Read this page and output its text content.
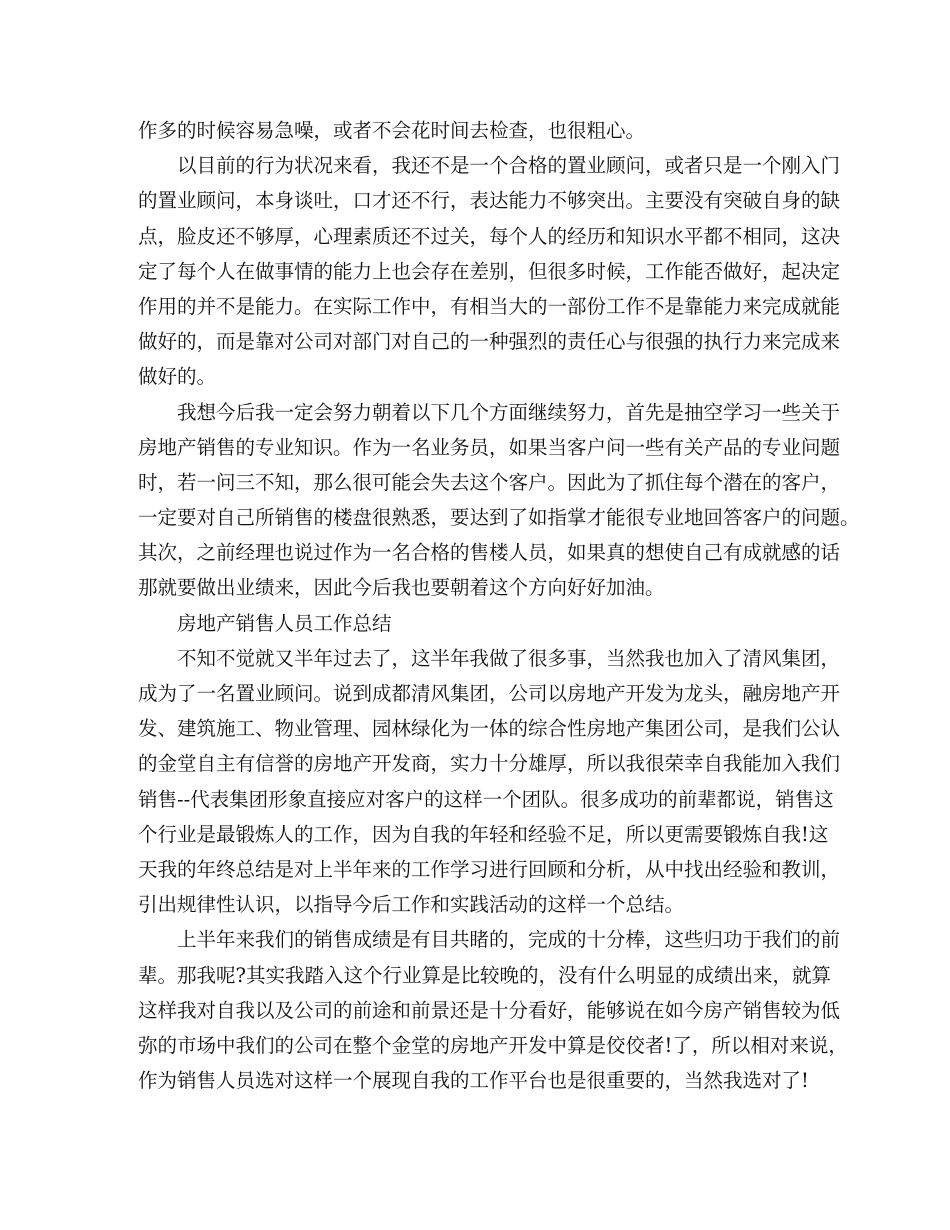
作多的时候容易急噪，或者不会花时间去检查，也很粗心。
以目前的行为状况来看，我还不是一个合格的置业顾问，或者只是一个刚入门
的置业顾问，本身谈吐，口才还不行，表达能力不够突出。主要没有突破自身的缺
点，脸皮还不够厚，心理素质还不过关，每个人的经历和知识水平都不相同，这决
定了每个人在做事情的能力上也会存在差别，但很多时候，工作能否做好，起决定
作用的并不是能力。在实际工作中，有相当大的一部份工作不是靠能力来完成就能
做好的，而是靠对公司对部门对自己的一种强烈的责任心与很强的执行力来完成来
做好的。
我想今后我一定会努力朝着以下几个方面继续努力，首先是抽空学习一些关于
房地产销售的专业知识。作为一名业务员，如果当客户问一些有关产品的专业问题
时，若一问三不知，那么很可能会失去这个客户。因此为了抓住每个潜在的客户，
一定要对自己所销售的楼盘很熟悉，要达到了如指掌才能很专业地回答客户的问题。
其次，之前经理也说过作为一名合格的售楼人员，如果真的想使自己有成就感的话
那就要做出业绩来，因此今后我也要朝着这个方向好好加油。
房地产销售人员工作总结
不知不觉就又半年过去了，这半年我做了很多事，当然我也加入了清风集团，
成为了一名置业顾问。说到成都清风集团，公司以房地产开发为龙头，融房地产开
发、建筑施工、物业管理、园林绿化为一体的综合性房地产集团公司，是我们公认
的金堂自主有信誉的房地产开发商，实力十分雄厚，所以我很荣幸自我能加入我们
销售--代表集团形象直接应对客户的这样一个团队。很多成功的前辈都说，销售这
个行业是最锻炼人的工作，因为自我的年轻和经验不足，所以更需要锻炼自我!这
天我的年终总结是对上半年来的工作学习进行回顾和分析，从中找出经验和教训，
引出规律性认识，以指导今后工作和实践活动的这样一个总结。
上半年来我们的销售成绩是有目共睹的，完成的十分棒，这些归功于我们的前
辈。那我呢?其实我踏入这个行业算是比较晚的，没有什么明显的成绩出来，就算
这样我对自我以及公司的前途和前景还是十分看好，能够说在如今房产销售较为低
弥的市场中我们的公司在整个金堂的房地产开发中算是佼佼者!了，所以相对来说，
作为销售人员选对这样一个展现自我的工作平台也是很重要的，当然我选对了!
